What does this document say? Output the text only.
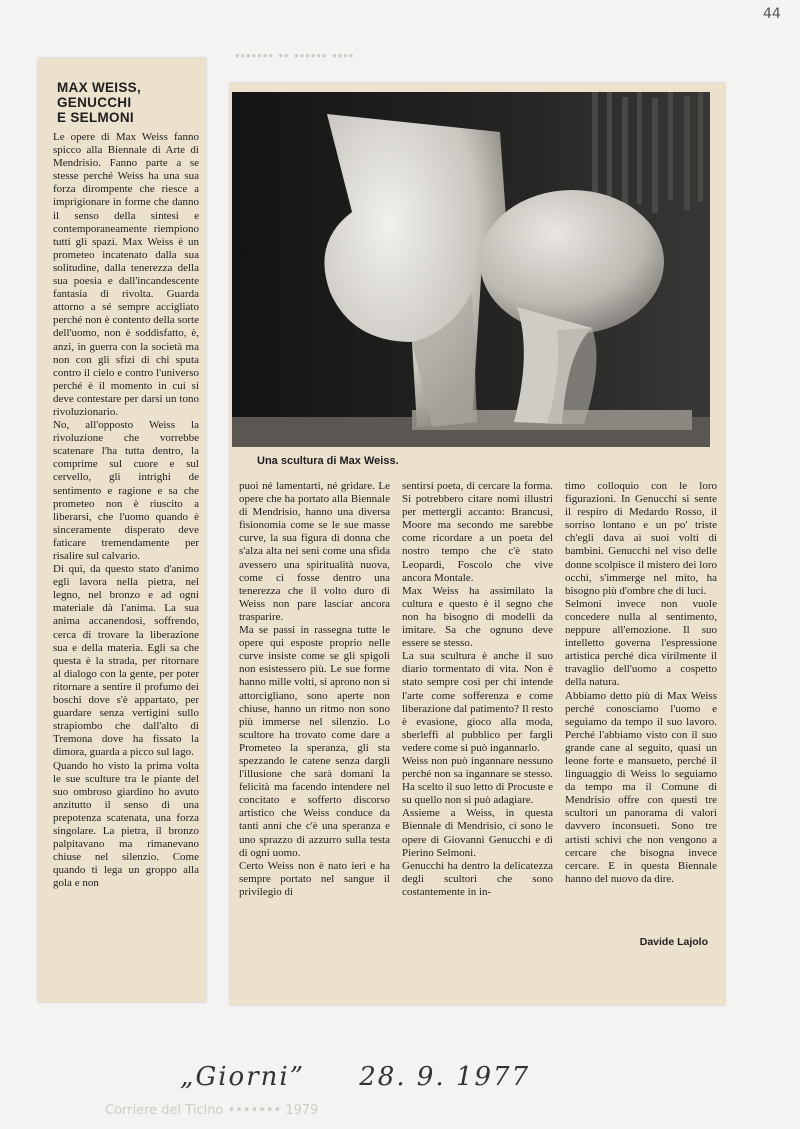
44
••••••• •• •••••• ••••
MAX WEISS,
GENUCCHI
E SELMONI

Le opere di Max Weiss fanno spicco alla Biennale di Arte di Mendrisio. Fanno parte a se stesse perché Weiss ha una sua forza dirompente che riesce a imprigionare in forme che danno il senso della sintesi e contemporaneamente riempiono tutti gli spazi. Max Weiss è un prometeo incatenato dalla sua solitudine, dalla tenerezza della sua poesia e dall'incandescente fantasia di rivolta. Guarda attorno a sé sempre accigliato perché non è contento della sorte dell'uomo, non è soddisfatto, è, anzi, in guerra con la società ma non con gli sfizi di chi sputa contro il cielo e contro l'universo perché è il momento in cui si deve contestare per darsi un tono rivoluzionario.

No, all'opposto Weiss la rivoluzione che vorrebbe scatenare l'ha tutta dentro, la comprime sul cuore e sul cervello, gli intrighi de sentimento e ragione e sa che prometeo non è riuscito a liberarsi, che l'uomo quando è sinceramente disperato deve faticare tremendamente per risalire sul calvario.

Di qui, da questo stato d'animo egli lavora nella pietra, nel legno, nel bronzo e ad ogni materiale dà l'anima. La sua anima accanendosi, soffrendo, cerca di trovare la liberazione sua e della materia. Egli sa che questa è la strada, per ritornare al dialogo con la gente, per poter ritornare a sentire il profumo dei boschi dove s'è appartato, per guardare senza vertigini sullo strapiombo che dall'alto di Tremona dove ha fissato la dimora, guarda a picco sul lago.

Quando ho visto la prima volta le sue sculture tra le piante del suo ombroso giardino ho avuto anzitutto il senso di una prepotenza scatenata, una forza singolare. La pietra, il bronzo palpitavano ma rimanevano chiuse nel silenzio. Come quando ti lega un groppo alla gola e non

Una scultura di Max Weiss.

puoi né lamentarti, né gridare. Le opere che ha portato alla Biennale di Mendrisio, hanno una diversa fisionomia come se le sue masse curve, la sua figura di donna che s'alza alta nei seni come una sfida avessero una spiritualità nuova, come ci fosse dentro una tenerezza che il volto duro di Weiss non pare lasciar ancora trasparire.

Ma se passi in rassegna tutte le opere qui esposte proprio nelle curve insiste come se gli spigoli non esistessero più. Le sue forme hanno mille volti, si aprono non si attorcigliano, sono aperte non chiuse, hanno un ritmo non sono più immerse nel silenzio. Lo scultore ha trovato come dare a Prometeo la speranza, gli sta spezzando le catene senza dargli l'illusione che sarà domani la felicità ma facendo intendere nel concitato e sofferto discorso artistico che Weiss conduce da tanti anni che c'è una speranza e uno sprazzo di azzurro sulla testa di ogni uomo.

Certo Weiss non è nato ieri e ha sempre portato nel sangue il privilegio di

sentirsi poeta, di cercare la forma. Si potrebbero citare nomi illustri per mettergli accanto: Brancusi, Moore ma secondo me sarebbe come ricordare a un poeta del nostro tempo che c'è stato Leopardi, Foscolo che vive ancora Montale.

Max Weiss ha assimilato la cultura e questo è il segno che non ha bisogno di modelli da imitare. Sa che ognuno deve essere se stesso.

La sua scultura è anche il suo diario tormentato di vita. Non è stato sempre così per chi intende l'arte come sofferenza e come liberazione dal patimento? Il resto è evasione, gioco alla moda, sberleffi al pubblico per fargli vedere come si può ingannarlo.

Weiss non può ingannare nessuno perché non sa ingannare se stesso. Ha scelto il suo letto di Procuste e su quello non si può adagiare.

Assieme a Weiss, in questa Biennale di Mendrisio, ci sono le opere di Giovanni Genucchi e di Pierino Selmoni.

Genucchi ha dentro la delicatezza degli scultori che sono costantemente in in-

timo colloquio con le loro figurazioni. In Genucchi si sente il respiro di Medardo Rosso, il sorriso lontano e un po' triste ch'egli dava ai suoi volti di bambini. Genucchi nel viso delle donne scolpisce il mistero dei loro occhi, s'immerge nel mito, ha bisogno più d'ombre che di luci.

Selmoni invece non vuole concedere nulla al sentimento, neppure all'emozione. Il suo intelletto governa l'espressione artistica perché dica virilmente il travaglio dell'uomo a cospetto della natura.

Abbiamo detto più di Max Weiss perché conosciamo l'uomo e seguiamo da tempo il suo lavoro. Perché l'abbiamo visto con il suo grande cane al seguito, quasi un leone forte e mansueto, perché il linguaggio di Weiss lo seguiamo da tempo ma il Comune di Mendrisio offre con questi tre scultori un panorama di valori davvero inconsueti. Sono tre artisti schivi che non vengono a cercare che bisogna invece cercare. E in questa Biennale hanno del nuovo da dire.

Davide Lajolo
„Giorni” 28. 9. 1977
Corriere del Ticino ••••••• 1979
